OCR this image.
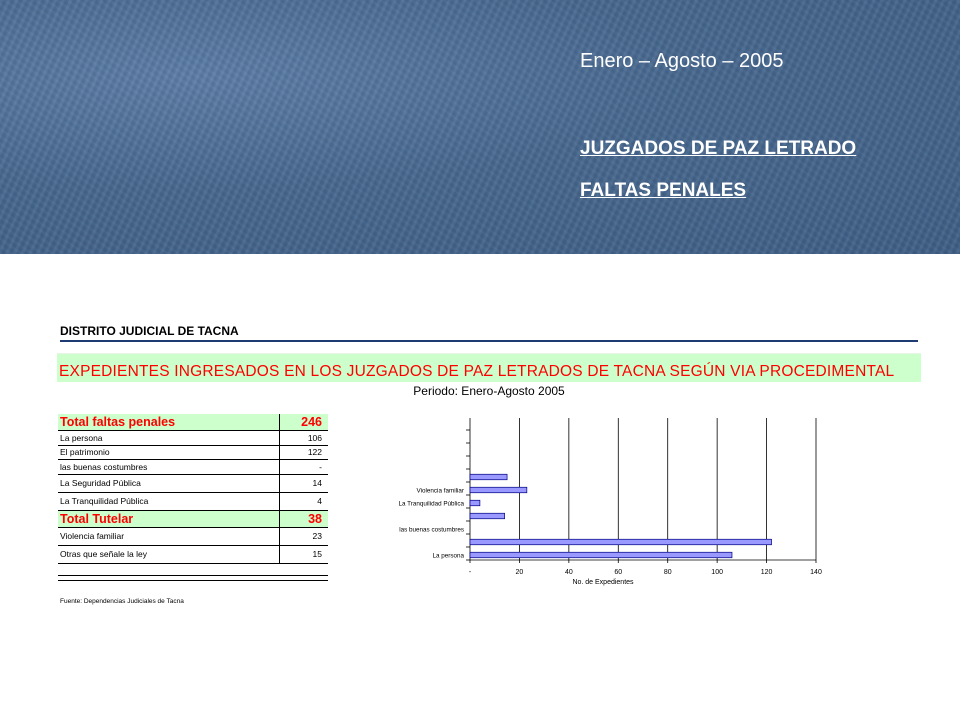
Enero – Agosto – 2005
JUZGADOS DE PAZ LETRADO
FALTAS PENALES
DISTRITO JUDICIAL DE TACNA
EXPEDIENTES INGRESADOS EN LOS JUZGADOS DE PAZ LETRADOS DE TACNA SEGÚN VIA PROCEDIMENTAL
Periodo: Enero-Agosto 2005
Total faltas penales	246
La persona	106
El patrimonio	122
las buenas costumbres	-
La Seguridad Pública	14
La Tranquilidad Pública	4
Total Tutelar	38
Violencia familiar	23
Otras que señale la ley	15
Fuente: Dependencias Judiciales de Tacna
-	20	40	60	80	100	120	140
La persona
las buenas costumbres
La Tranquilidad Pública
Violencia familiar
No. de Expedientes
